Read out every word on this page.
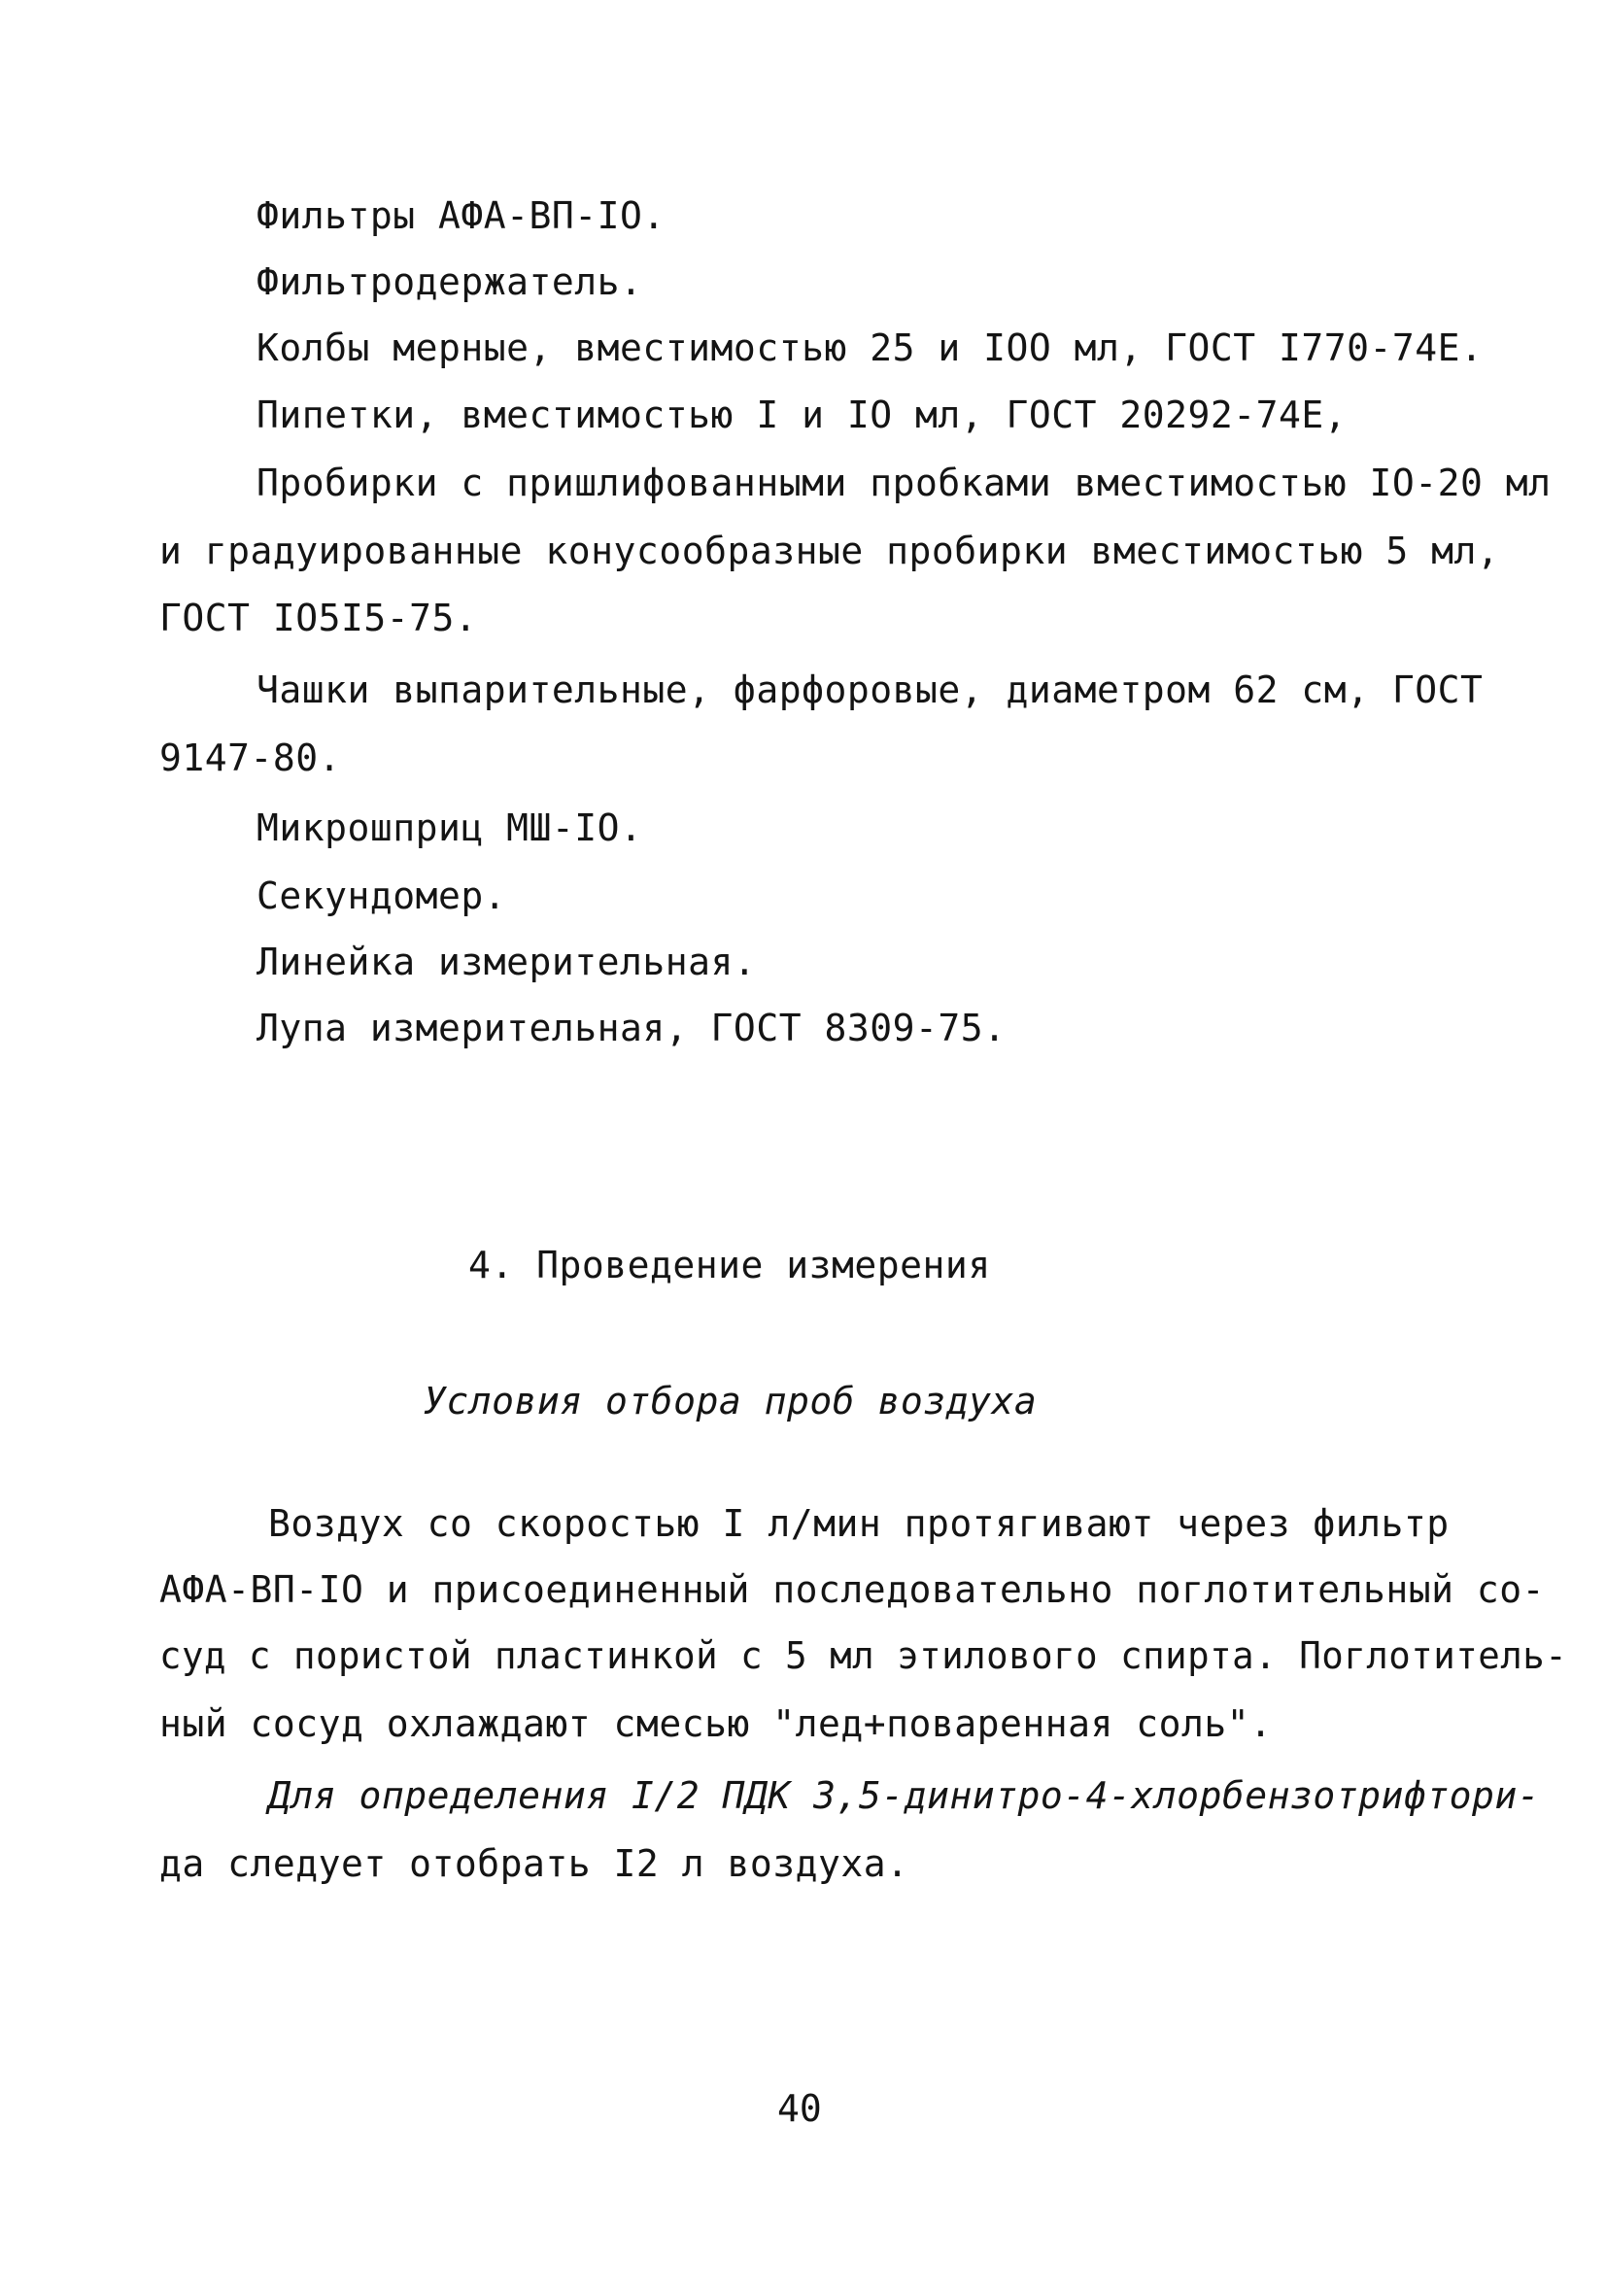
Фильтры АФА-ВП-IO.
Фильтродержатель.
Колбы мерные, вместимостью 25 и IOO мл, ГОСТ I770-74Е.
Пипетки, вместимостью I и IO мл, ГОСТ 20292-74Е,
Пробирки с пришлифованными пробками вместимостью IO-20 мл
и градуированные конусообразные пробирки вместимостью 5 мл,
ГОСТ IO5I5-75.
Чашки выпарительные, фарфоровые, диаметром 62 см, ГОСТ
9147-80.
Микрошприц МШ-IO.
Секундомер.
Линейка измерительная.
Лупа измерительная, ГОСТ 8309-75.
4. Проведение измерения
Условия отбора проб воздуха
Воздух со скоростью I л/мин протягивают через фильтр
АФА-ВП-IO и присоединенный последовательно поглотительный со-
суд с пористой пластинкой с 5 мл этилового спирта. Поглотитель-
ный сосуд охлаждают смесью "лед+поваренная соль".
Для определения I/2 ПДК 3,5-динитро-4-хлорбензотрифтори-
да следует отобрать I2 л воздуха.
40
